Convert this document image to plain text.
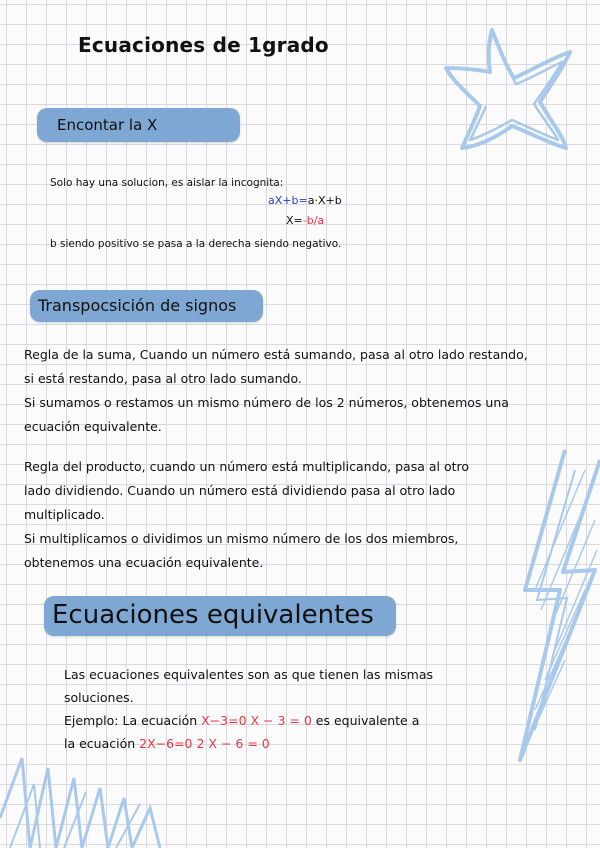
Ecuaciones de 1grado
Encontar la X
Solo hay una solucion, es aislar la incognita:
aX+b=a·X+b
X=-b/a
b siendo positivo se pasa a la derecha siendo negativo.
Transpocsición de signos
Regla de la suma, Cuando un número está sumando, pasa al otro lado restando,
si está restando, pasa al otro lado sumando.
Si sumamos o restamos un mismo número de los 2 números, obtenemos una
ecuación equivalente.
Regla del producto, cuando un número está multiplicando, pasa al otro
lado dividiendo. Cuando un número está dividiendo pasa al otro lado
multiplicado.
Si multiplicamos o dividimos un mismo número de los dos miembros,
obtenemos una ecuación equivalente.
Ecuaciones equivalentes
Las ecuaciones equivalentes son as que tienen las mismas
soluciones.
Ejemplo: La ecuación X−3=0 X − 3 = 0 es equivalente a
la ecuación 2X−6=0 2 X − 6 = 0
